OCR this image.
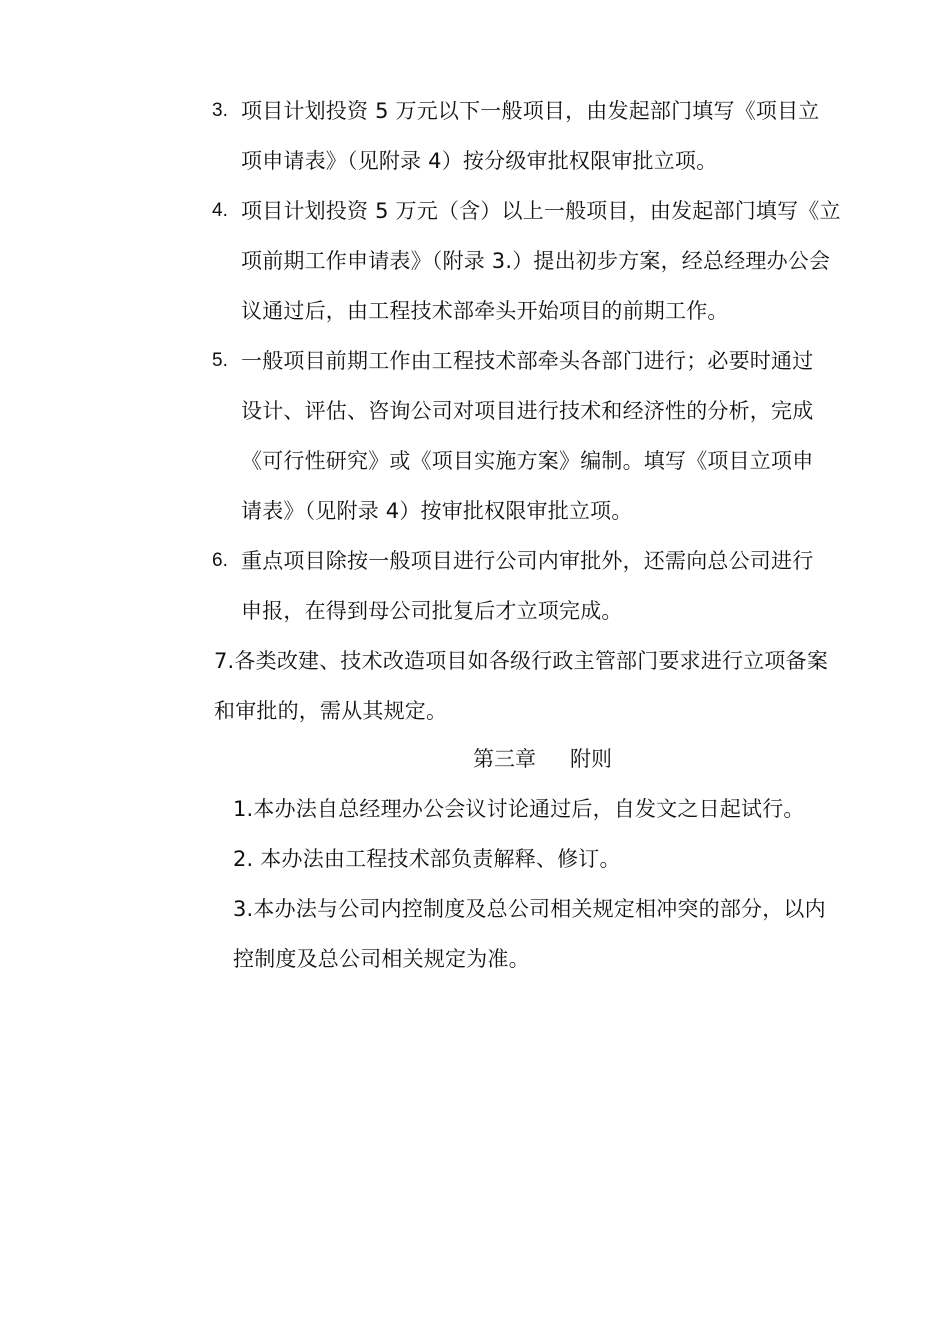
3. 项目计划投资 5 万元以下一般项目，由发起部门填写《项目立
项申请表》（见附录 4）按分级审批权限审批立项。
4. 项目计划投资 5 万元（含）以上一般项目，由发起部门填写《立
项前期工作申请表》（附录 3.）提出初步方案，经总经理办公会
议通过后，由工程技术部牵头开始项目的前期工作。
5. 一般项目前期工作由工程技术部牵头各部门进行；必要时通过
设计、评估、咨询公司对项目进行技术和经济性的分析，完成
《可行性研究》或《项目实施方案》编制。填写《项目立项申
请表》（见附录 4）按审批权限审批立项。
6. 重点项目除按一般项目进行公司内审批外，还需向总公司进行
申报，在得到母公司批复后才立项完成。
7.各类改建、技术改造项目如各级行政主管部门要求进行立项备案
和审批的，需从其规定。
第三章 附则
1.本办法自总经理办公会议讨论通过后，自发文之日起试行。
2. 本办法由工程技术部负责解释、修订。
3.本办法与公司内控制度及总公司相关规定相冲突的部分，以内
控制度及总公司相关规定为准。
